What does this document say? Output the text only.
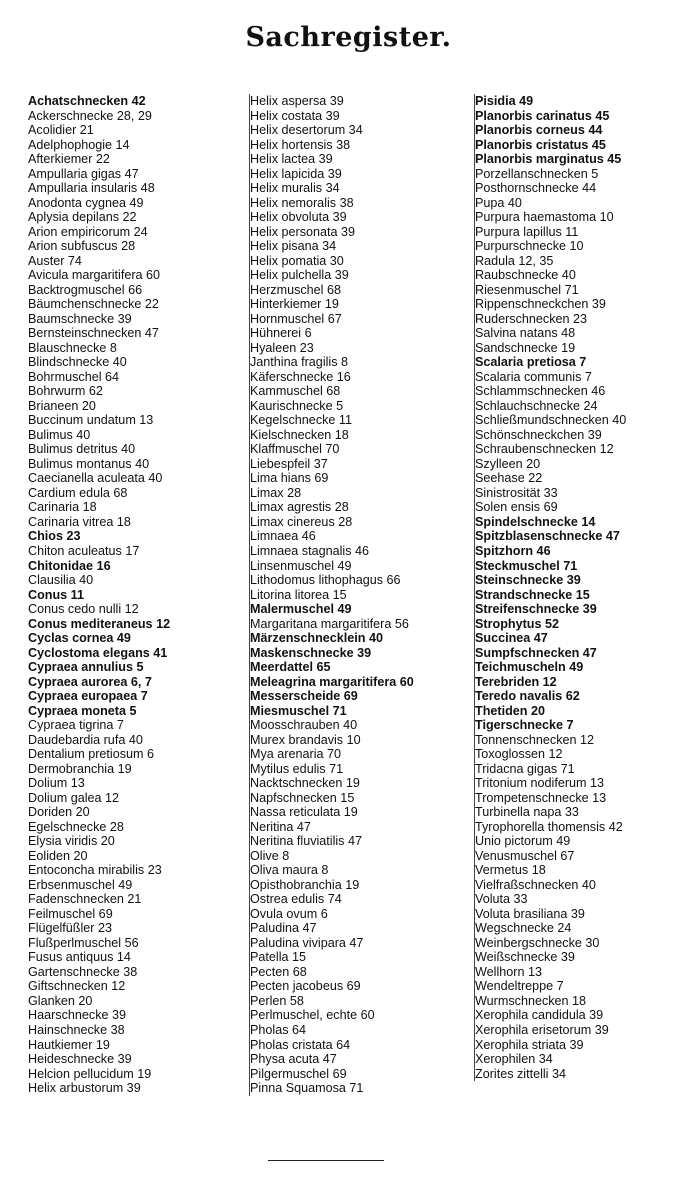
Sachregister.
Achatschnecken 42
Ackerschnecke 28, 29
Acolidier 21
Adelphophogie 14
Afterkiemer 22
Ampullaria gigas 47
Ampullaria insularis 48
Anodonta cygnea 49
Aplysia depilans 22
Arion empiricorum 24
Arion subfuscus 28
Auster 74
Avicula margaritifera 60
Backtrogmuschel 66
Bäumchenschnecke 22
Baumschnecke 39
Bernsteinschnecken 47
Blauschnecke 8
Blindschnecke 40
Bohrmuschel 64
Bohrwurm 62
Brianeen 20
Buccinum undatum 13
Bulimus 40
Bulimus detritus 40
Bulimus montanus 40
Caecianella aculeata 40
Cardium edula 68
Carinaria 18
Carinaria vitrea 18
Chios 23
Chiton aculeatus 17
Chitonidae 16
Clausilia 40
Conus 11
Conus cedo nulli 12
Conus mediteraneus 12
Cyclas cornea 49
Cyclostoma elegans 41
Cypraea annulius 5
Cypraea aurorea 6, 7
Cypraea europaea 7
Cypraea moneta 5
Cypraea tigrina 7
Daudebardia rufa 40
Dentalium pretiosum 6
Dermobranchia 19
Dolium 13
Dolium galea 12
Doriden 20
Egelschnecke 28
Elysia viridis 20
Eoliden 20
Entoconcha mirabilis 23
Erbsenmuschel 49
Fadenschnecken 21
Feilmuschel 69
Flügelfüßler 23
Flußperlmuschel 56
Fusus antiquus 14
Gartenschnecke 38
Giftschnecken 12
Glanken 20
Haarschnecke 39
Hainschnecke 38
Hautkiemer 19
Heideschnecke 39
Helcion pellucidum 19
Helix arbustorum 39
Helix aspersa 39
Helix costata 39
Helix desertorum 34
Helix hortensis 38
Helix lactea 39
Helix lapicida 39
Helix muralis 34
Helix nemoralis 38
Helix obvoluta 39
Helix personata 39
Helix pisana 34
Helix pomatia 30
Helix pulchella 39
Herzmuschel 68
Hinterkiemer 19
Hornmuschel 67
Hühnerei 6
Hyaleen 23
Janthina fragilis 8
Käferschnecke 16
Kammuschel 68
Kaurischnecke 5
Kegelschnecke 11
Kielschnecken 18
Klaffmuschel 70
Liebespfeil 37
Lima hians 69
Limax 28
Limax agrestis 28
Limax cinereus 28
Limnaea 46
Limnaea stagnalis 46
Linsenmuschel 49
Lithodomus lithophagus 66
Litorina litorea 15
Malermuschel 49
Margaritana margaritifera 56
Märzenschnecklein 40
Maskenschnecke 39
Meerdattel 65
Meleagrina margaritifera 60
Messerscheide 69
Miesmuschel 71
Moosschrauben 40
Murex brandavis 10
Mya arenaria 70
Mytilus edulis 71
Nacktschnecken 19
Napfschnecken 15
Nassa reticulata 19
Neritina 47
Neritina fluviatilis 47
Olive 8
Oliva maura 8
Opisthobranchia 19
Ostrea edulis 74
Ovula ovum 6
Paludina 47
Paludina vivipara 47
Patella 15
Pecten 68
Pecten jacobeus 69
Perlen 58
Perlmuschel, echte 60
Pholas 64
Pholas cristata 64
Physa acuta 47
Pilgermuschel 69
Pinna Squamosa 71
Pisidia 49
Planorbis carinatus 45
Planorbis corneus 44
Planorbis cristatus 45
Planorbis marginatus 45
Porzellanschnecken 5
Posthornschnecke 44
Pupa 40
Purpura haemastoma 10
Purpura lapillus 11
Purpurschnecke 10
Radula 12, 35
Raubschnecke 40
Riesenmuschel 71
Rippenschneckchen 39
Ruderschnecken 23
Salvina natans 48
Sandschnecke 19
Scalaria pretiosa 7
Scalaria communis 7
Schlammschnecken 46
Schlauchschnecke 24
Schließmundschnecken 40
Schönschneckchen 39
Schraubenschnecken 12
Szylleen 20
Seehase 22
Sinistrosität 33
Solen ensis 69
Spindelschnecke 14
Spitzblasenschnecke 47
Spitzhorn 46
Steckmuschel 71
Steinschnecke 39
Strandschnecke 15
Streifenschnecke 39
Strophytus 52
Succinea 47
Sumpfschnecken 47
Teichmuscheln 49
Terebriden 12
Teredo navalis 62
Thetiden 20
Tigerschnecke 7
Tonnenschnecken 12
Toxoglossen 12
Tridacna gigas 71
Tritonium nodiferum 13
Trompetenschnecke 13
Turbinella napa 33
Tyrophorella thomensis 42
Unio pictorum 49
Venusmuschel 67
Vermetus 18
Vielfraßschnecken 40
Voluta 33
Voluta brasiliana 39
Wegschnecke 24
Weinbergschnecke 30
Weißschnecke 39
Wellhorn 13
Wendeltreppe 7
Wurmschnecken 18
Xerophila candidula 39
Xerophila erisetorum 39
Xerophila striata 39
Xerophilen 34
Zorites zittelli 34
